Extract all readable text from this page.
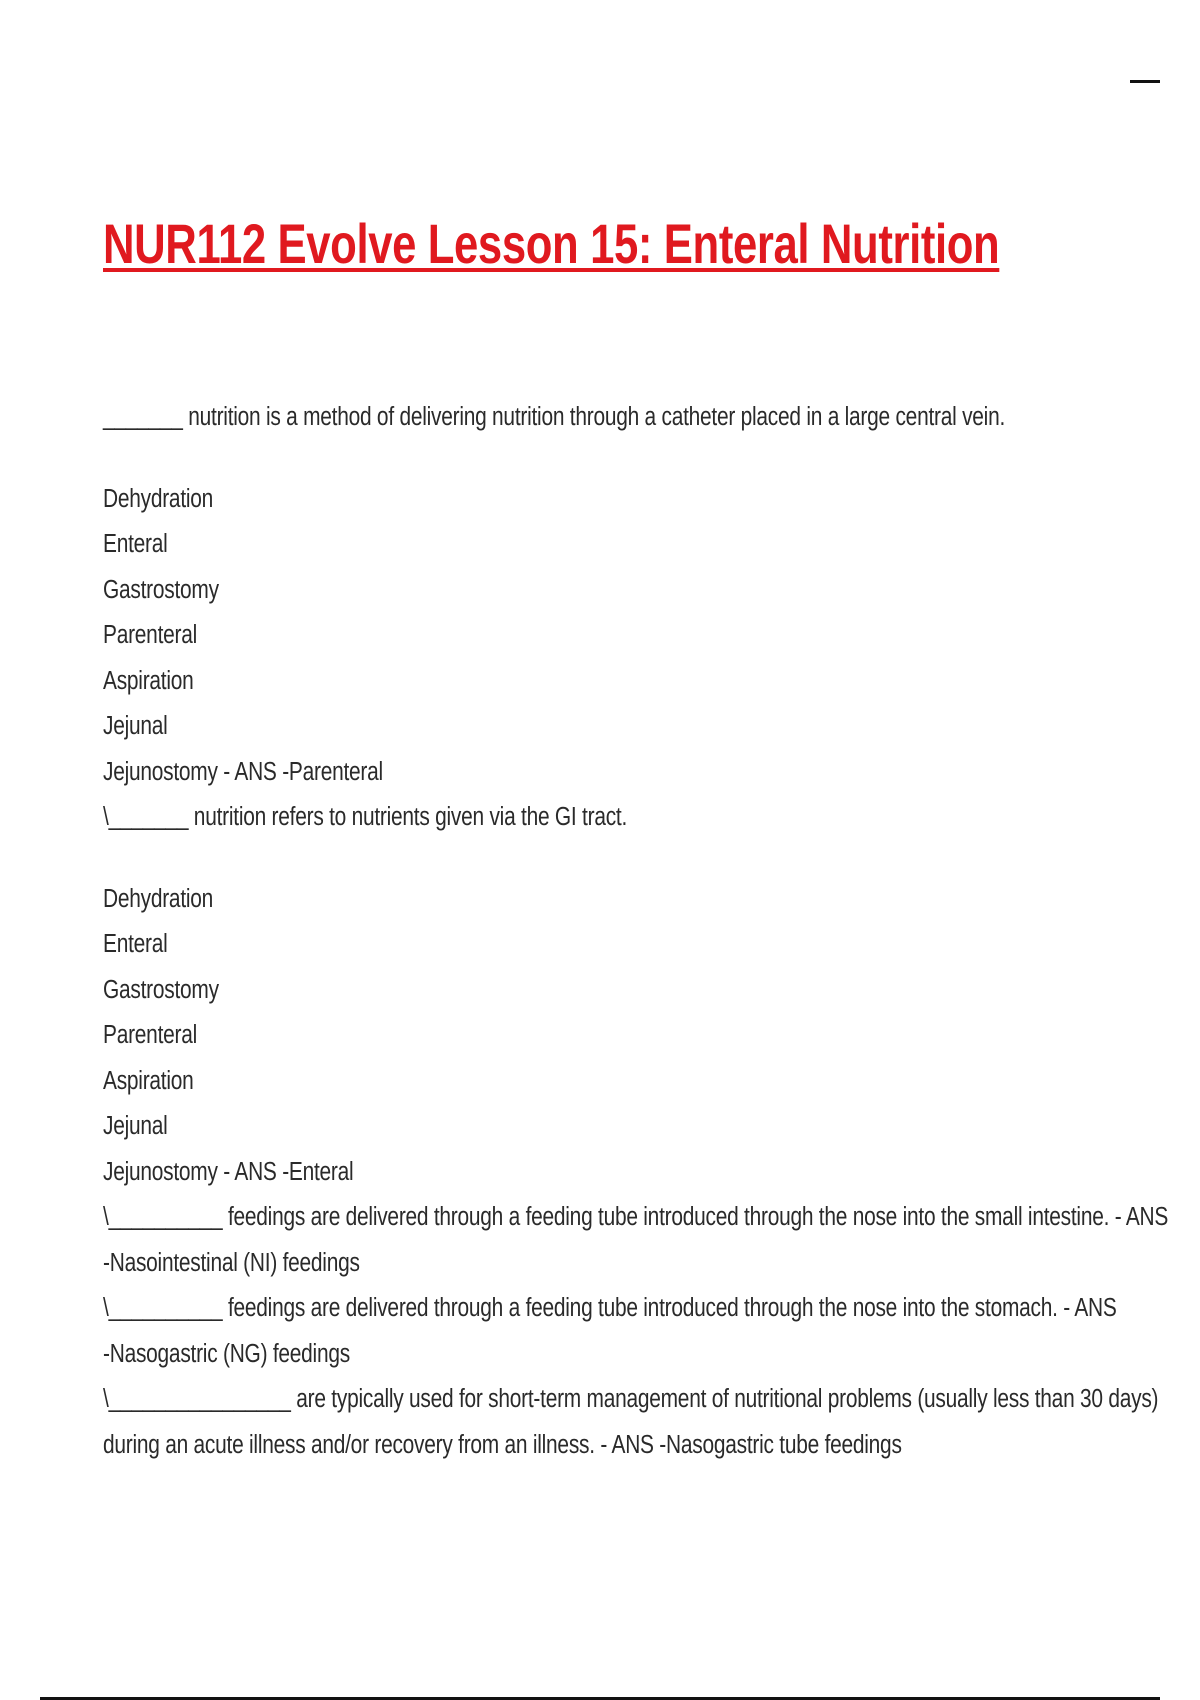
NUR112 Evolve Lesson 15: Enteral Nutrition
_______ nutrition is a method of delivering nutrition through a catheter placed in a large central vein.
Dehydration
Enteral
Gastrostomy
Parenteral
Aspiration
Jejunal
Jejunostomy - ANS -Parenteral
\_______ nutrition refers to nutrients given via the GI tract.
Dehydration
Enteral
Gastrostomy
Parenteral
Aspiration
Jejunal
Jejunostomy - ANS -Enteral
\__________ feedings are delivered through a feeding tube introduced through the nose into the small intestine. - ANS
-Nasointestinal (NI) feedings
\__________ feedings are delivered through a feeding tube introduced through the nose into the stomach. - ANS
-Nasogastric (NG) feedings
\________________ are typically used for short-term management of nutritional problems (usually less than 30 days)
during an acute illness and/or recovery from an illness. - ANS -Nasogastric tube feedings
